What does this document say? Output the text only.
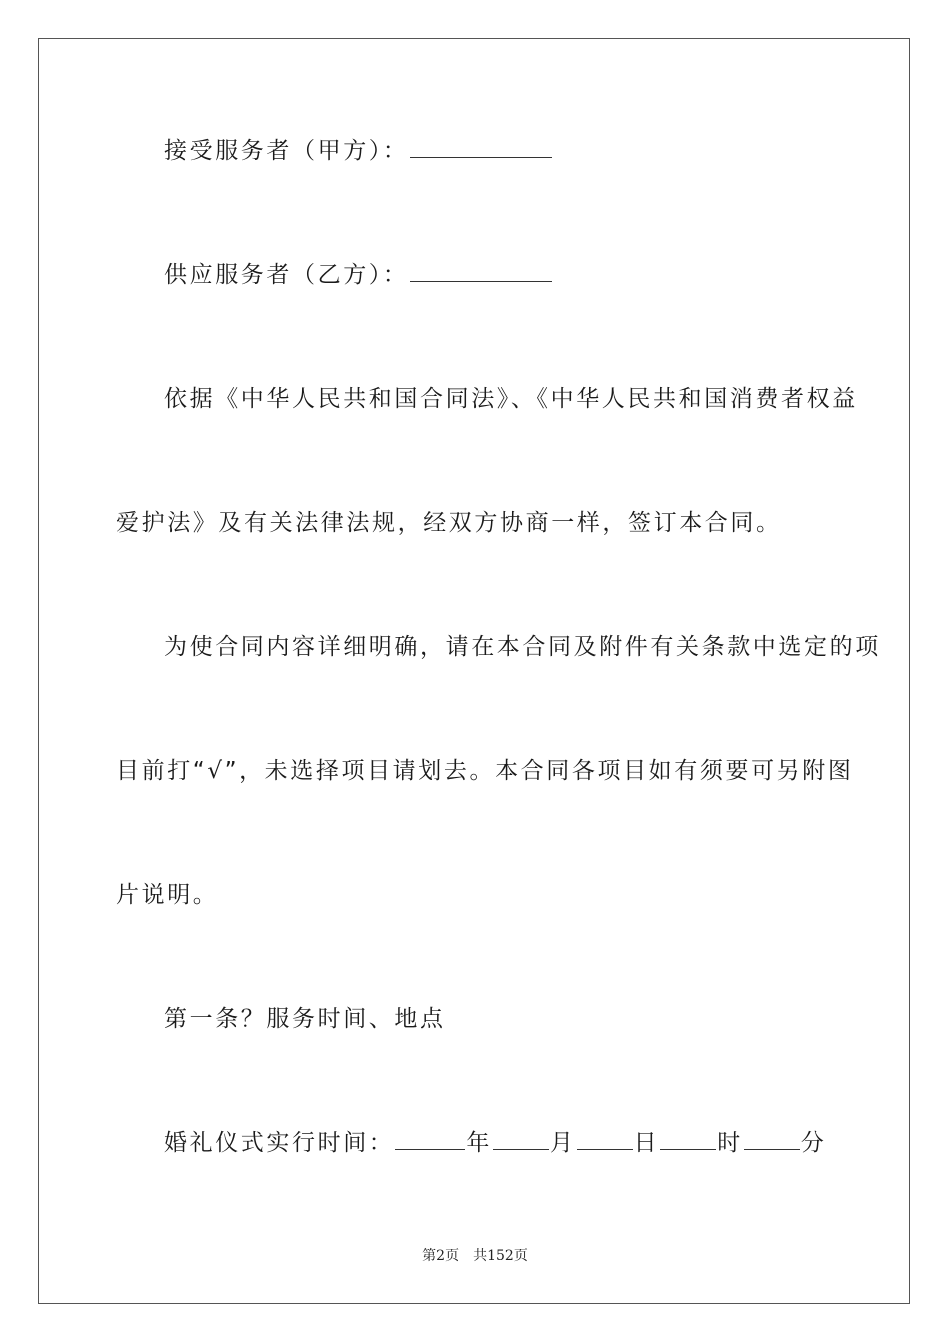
接受服务者（甲方）：

供应服务者（乙方）：

依据《中华人民共和国合同法》、《中华人民共和国消费者权益

爱护法》及有关法律法规，经双方协商一样，签订本合同。

为使合同内容详细明确，请在本合同及附件有关条款中选定的项

目前打“√”，未选择项目请划去。本合同各项目如有须要可另附图

片说明。

第一条？服务时间、地点

婚礼仪式实行时间：	年	月	日	时	分

第2页 共152页
